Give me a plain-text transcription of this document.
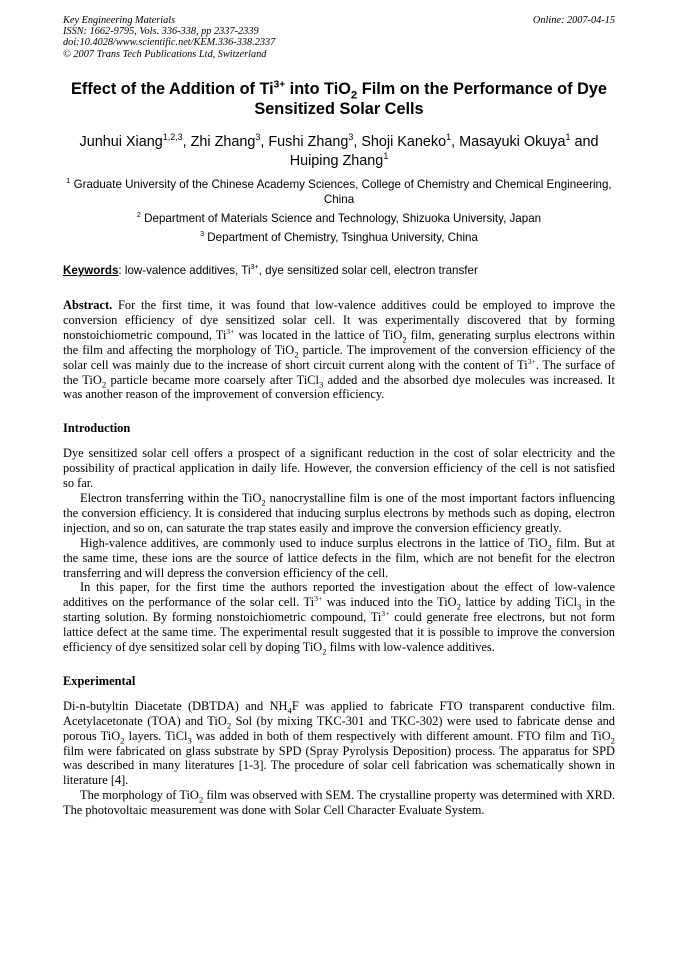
Key Engineering Materials
ISSN: 1662-9795, Vols. 336-338, pp 2337-2339
doi:10.4028/www.scientific.net/KEM.336-338.2337
© 2007 Trans Tech Publications Ltd, Switzerland
Online: 2007-04-15
Effect of the Addition of $Ti^{3+}$ into TiO$_2$ Film on the Performance of Dye Sensitized Solar Cells
Junhui Xiang$^{1,2,3}$, Zhi Zhang$^3$, Fushi Zhang$^3$, Shoji Kaneko$^1$, Masayuki Okuya$^1$ and Huiping Zhang$^1$
$^1$ Graduate University of the Chinese Academy Sciences, College of Chemistry and Chemical Engineering, China
$^2$ Department of Materials Science and Technology, Shizuoka University, Japan
$^3$ Department of Chemistry, Tsinghua University, China
Keywords: low-valence additives, $Ti^{3+}$, dye sensitized solar cell, electron transfer

Abstract. For the first time, it was found that low-valence additives could be employed to improve the conversion efficiency of dye sensitized solar cell. It was experimentally discovered that by forming nonstoichiometric compound, $Ti^{3+}$ was located in the lattice of TiO$_2$ film, generating surplus electrons within the film and affecting the morphology of TiO$_2$ particle. The improvement of the conversion efficiency of the solar cell was mainly due to the increase of short circuit current along with the content of $Ti^{3+}$. The surface of the TiO$_2$ particle became more coarsely after TiCl$_3$ added and the absorbed dye molecules was increased. It was another reason of the improvement of conversion efficiency.

Introduction

Dye sensitized solar cell offers a prospect of a significant reduction in the cost of solar electricity and the possibility of practical application in daily life. However, the conversion efficiency of the cell is not satisfied so far.

Electron transferring within the TiO$_2$ nanocrystalline film is one of the most important factors influencing the conversion efficiency. It is considered that inducing surplus electrons by methods such as doping, electron injection, and so on, can saturate the trap states easily and improve the conversion efficiency greatly.

High-valence additives, are commonly used to induce surplus electrons in the lattice of TiO$_2$ film. But at the same time, these ions are the source of lattice defects in the film, which are not benefit for the electron transferring and will depress the conversion efficiency of the cell.

In this paper, for the first time the authors reported the investigation about the effect of low-valence additives on the performance of the solar cell. $Ti^{3+}$ was induced into the TiO$_2$ lattice by adding TiCl$_3$ in the starting solution. By forming nonstoichiometric compound, $Ti^{3+}$ could generate free electrons, but not form lattice defect at the same time. The experimental result suggested that it is possible to improve the conversion efficiency of dye sensitized solar cell by doping TiO$_2$ films with low-valence additives.

Experimental

Di-n-butyltin Diacetate (DBTDA) and $NH_4F$ was applied to fabricate FTO transparent conductive film. Acetylacetonate (TOA) and TiO$_2$ Sol (by mixing TKC-301 and TKC-302) were used to fabricate dense and porous TiO$_2$ layers. TiCl$_3$ was added in both of them respectively with different amount. FTO film and TiO$_2$ film were fabricated on glass substrate by SPD (Spray Pyrolysis Deposition) process. The apparatus for SPD was described in many literatures [1-3]. The procedure of solar cell fabrication was schematically shown in literature [4].

The morphology of TiO$_2$ film was observed with SEM. The crystalline property was determined with XRD. The photovoltaic measurement was done with Solar Cell Character Evaluate System.
